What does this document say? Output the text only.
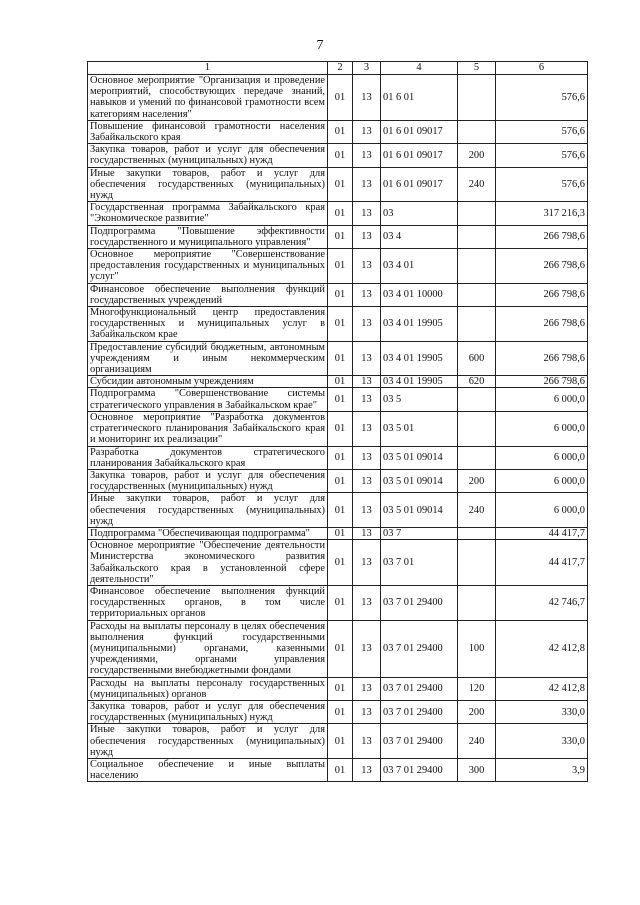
7
1	2	3	4	5	6
Основное мероприятие "Организация и проведение мероприятий, способствующих передаче знаний, навыков и умений по финансовой грамотности всем категориям населения"	01	13	01 6 01		576,6
Повышение финансовой грамотности населения Забайкальского края	01	13	01 6 01 09017		576,6
Закупка товаров, работ и услуг для обеспечения государственных (муниципальных) нужд	01	13	01 6 01 09017	200	576,6
Иные закупки товаров, работ и услуг для обеспечения государственных (муниципальных) нужд	01	13	01 6 01 09017	240	576,6
Государственная программа Забайкальского края "Экономическое развитие"	01	13	03		317 216,3
Подпрограмма "Повышение эффективности государственного и муниципального управления"	01	13	03 4		266 798,6
Основное мероприятие "Совершенствование предоставления государственных и муниципальных услуг"	01	13	03 4 01		266 798,6
Финансовое обеспечение выполнения функций государственных учреждений	01	13	03 4 01 10000		266 798,6
Многофункциональный центр предоставления государственных и муниципальных услуг в Забайкальском крае	01	13	03 4 01 19905		266 798,6
Предоставление субсидий бюджетным, автономным учреждениям и иным некоммерческим организациям	01	13	03 4 01 19905	600	266 798,6
Субсидии автономным учреждениям	01	13	03 4 01 19905	620	266 798,6
Подпрограмма "Совершенствование системы стратегического управления в Забайкальском крае"	01	13	03 5		6 000,0
Основное мероприятие "Разработка документов стратегического планирования Забайкальского края и мониторинг их реализации"	01	13	03 5 01		6 000,0
Разработка документов стратегического планирования Забайкальского края	01	13	03 5 01 09014		6 000,0
Закупка товаров, работ и услуг для обеспечения государственных (муниципальных) нужд	01	13	03 5 01 09014	200	6 000,0
Иные закупки товаров, работ и услуг для обеспечения государственных (муниципальных) нужд	01	13	03 5 01 09014	240	6 000,0
Подпрограмма "Обеспечивающая подпрограмма"	01	13	03 7		44 417,7
Основное мероприятие "Обеспечение деятельности Министерства экономического развития Забайкальского края в установленной сфере деятельности"	01	13	03 7 01		44 417,7
Финансовое обеспечение выполнения функций государственных органов, в том числе территориальных органов	01	13	03 7 01 29400		42 746,7
Расходы на выплаты персоналу в целях обеспечения выполнения функций государственными (муниципальными) органами, казенными учреждениями, органами управления государственными внебюджетными фондами	01	13	03 7 01 29400	100	42 412,8
Расходы на выплаты персоналу государственных (муниципальных) органов	01	13	03 7 01 29400	120	42 412,8
Закупка товаров, работ и услуг для обеспечения государственных (муниципальных) нужд	01	13	03 7 01 29400	200	330,0
Иные закупки товаров, работ и услуг для обеспечения государственных (муниципальных) нужд	01	13	03 7 01 29400	240	330,0
Социальное обеспечение и иные выплаты населению	01	13	03 7 01 29400	300	3,9
